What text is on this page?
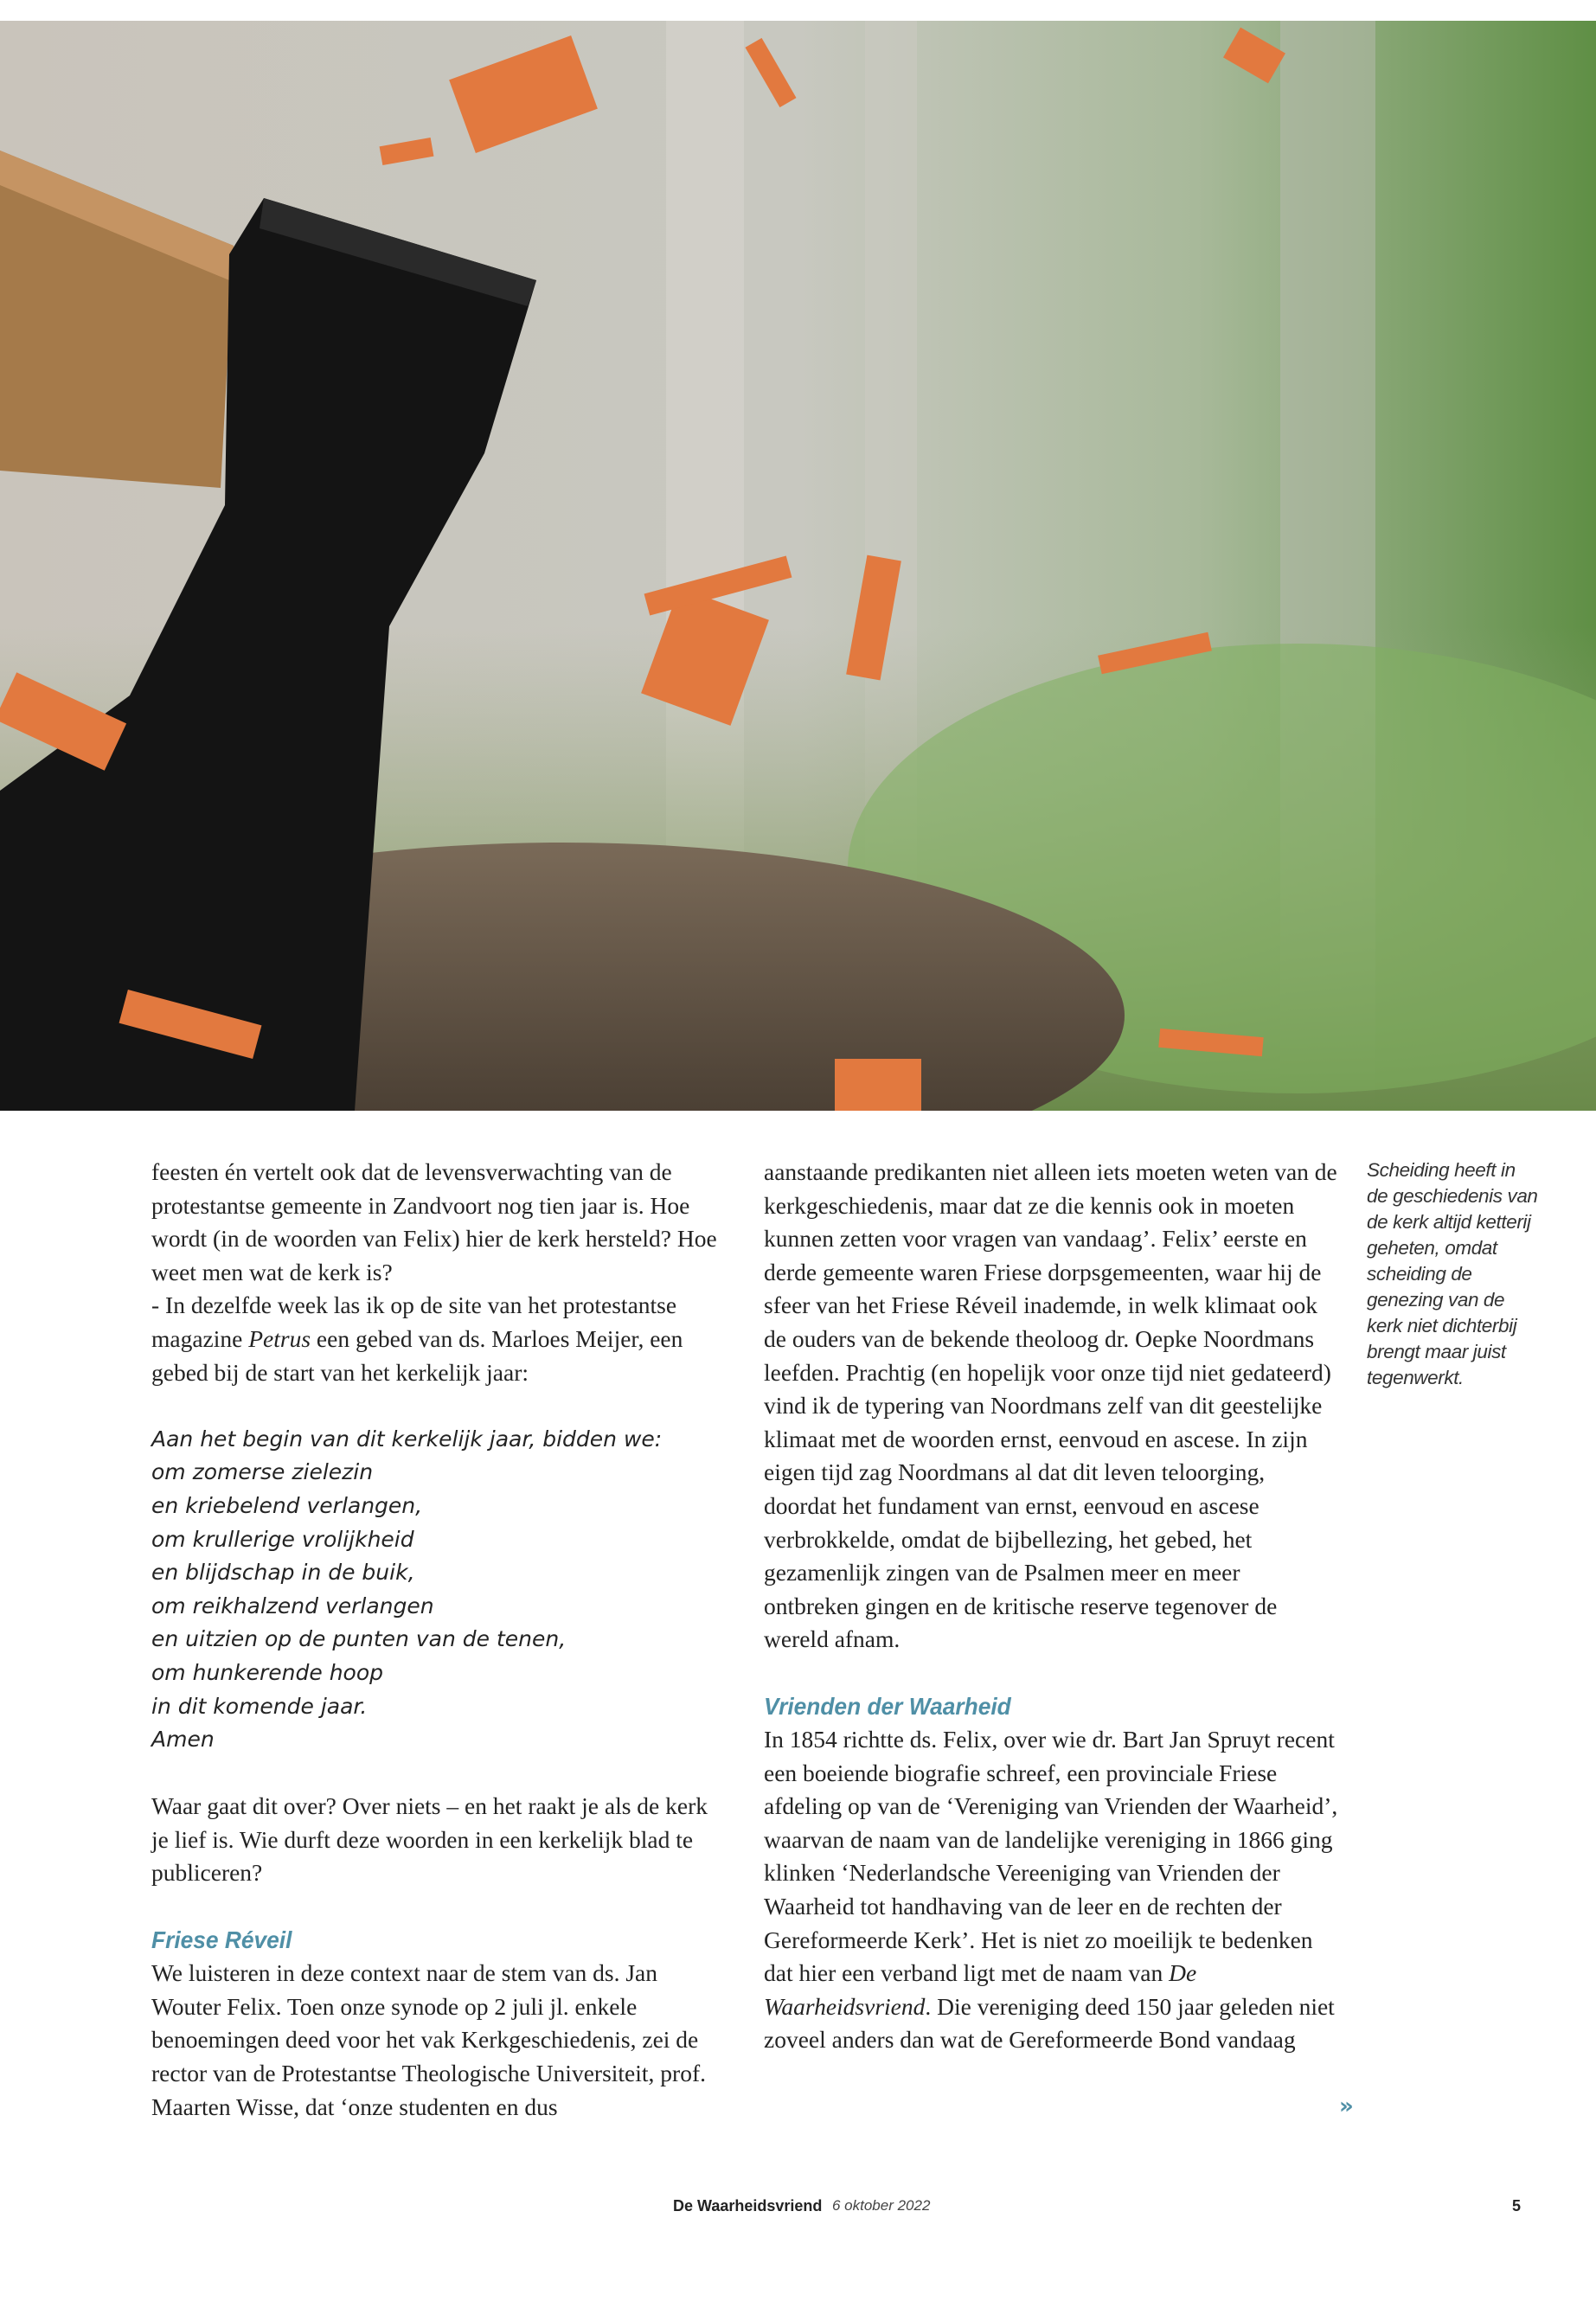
feesten én vertelt ook dat de levensverwachting van de protestantse gemeente in Zandvoort nog tien jaar is. Hoe wordt (in de woorden van Felix) hier de kerk hersteld? Hoe weet men wat de kerk is?

- In dezelfde week las ik op de site van het protestantse magazine Petrus een gebed van ds. Marloes Meijer, een gebed bij de start van het kerkelijk jaar:

Aan het begin van dit kerkelijk jaar, bidden we:
om zomerse zielezin
en kriebelend verlangen,
om krullerige vrolijkheid
en blijdschap in de buik,
om reikhalzend verlangen
en uitzien op de punten van de tenen,
om hunkerende hoop
in dit komende jaar.
Amen

Waar gaat dit over? Over niets – en het raakt je als de kerk je lief is. Wie durft deze woorden in een kerkelijk blad te publiceren?

Friese Réveil

We luisteren in deze context naar de stem van ds. Jan Wouter Felix. Toen onze synode op 2 juli jl. enkele benoemingen deed voor het vak Kerkgeschiedenis, zei de rector van de Protestantse Theologische Universiteit, prof. Maarten Wisse, dat ‘onze studenten en dus

aanstaande predikanten niet alleen iets moeten weten van de kerkgeschiedenis, maar dat ze die kennis ook in moeten kunnen zetten voor vragen van vandaag’. Felix’ eerste en derde gemeente waren Friese dorpsgemeenten, waar hij de sfeer van het Friese Réveil inademde, in welk klimaat ook de ouders van de bekende theoloog dr. Oepke Noordmans leefden. Prachtig (en hopelijk voor onze tijd niet gedateerd) vind ik de typering van Noordmans zelf van dit geestelijke klimaat met de woorden ernst, eenvoud en ascese. In zijn eigen tijd zag Noordmans al dat dit leven teloorging, doordat het fundament van ernst, eenvoud en ascese verbrokkelde, omdat de bijbellezing, het gebed, het gezamenlijk zingen van de Psalmen meer en meer ontbreken gingen en de kritische reserve tegenover de wereld afnam.

Vrienden der Waarheid

In 1854 richtte ds. Felix, over wie dr. Bart Jan Spruyt recent een boeiende biografie schreef, een provinciale Friese afdeling op van de ‘Vereniging van Vrienden der Waarheid’, waarvan de naam van de landelijke vereniging in 1866 ging klinken ‘Nederlandsche Vereeniging van Vrienden der Waarheid tot handhaving van de leer en de rechten der Gereformeerde Kerk’. Het is niet zo moeilijk te bedenken dat hier een verband ligt met de naam van De Waarheidsvriend. Die vereniging deed 150 jaar geleden niet zoveel anders dan wat de Gereformeerde Bond vandaag

Scheiding heeft in de geschiedenis van de kerk altijd ketterij geheten, omdat scheiding de genezing van de kerk niet dichterbij brengt maar juist tegenwerkt.
»
De Waarheidsvriend 6 oktober 2022	5
